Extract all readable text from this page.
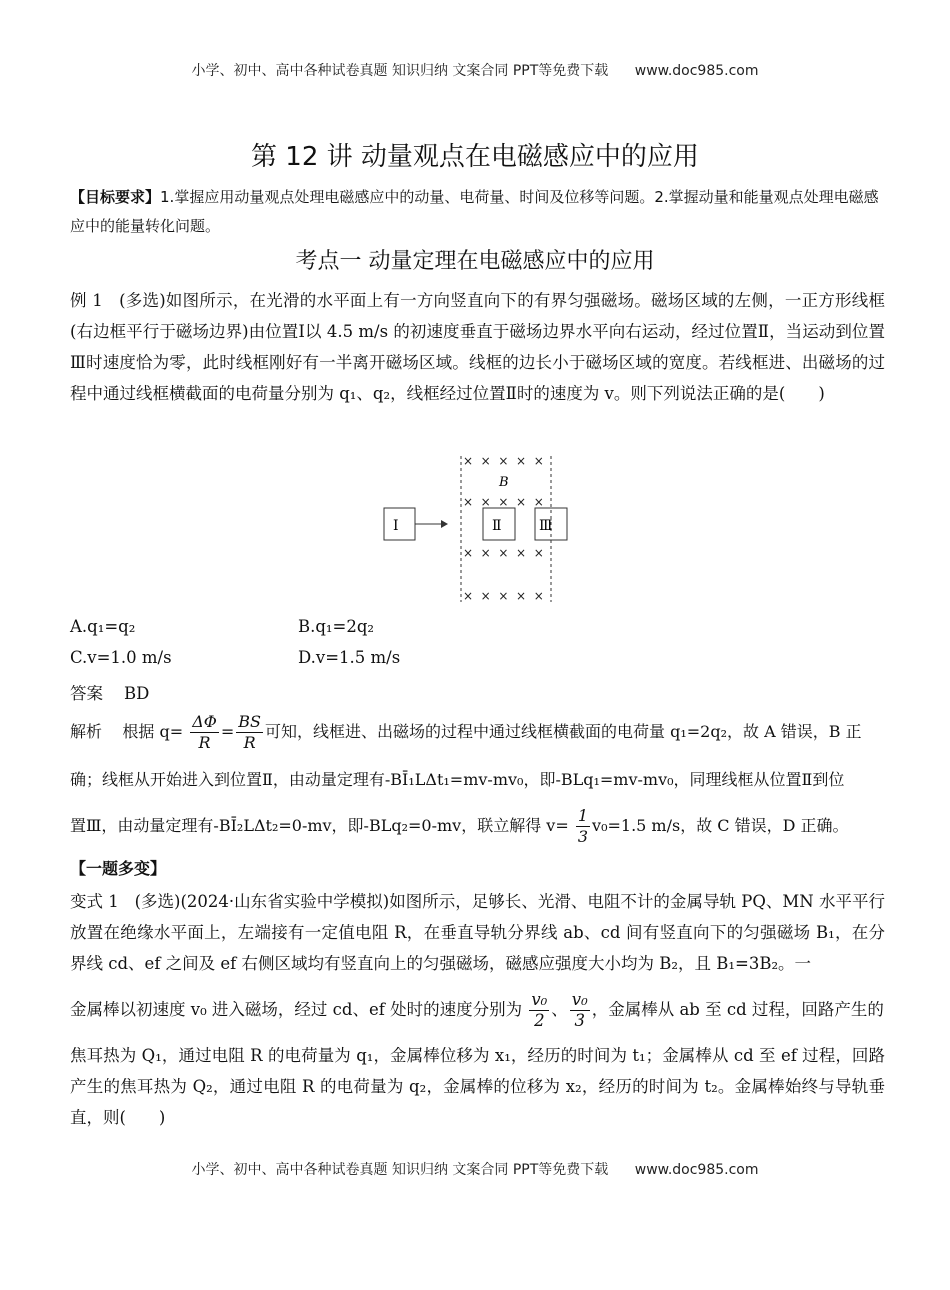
小学、初中、高中各种试卷真题 知识归纳 文案合同 PPT等免费下载 www.doc985.com
第 12 讲 动量观点在电磁感应中的应用
【目标要求】1.掌握应用动量观点处理电磁感应中的动量、电荷量、时间及位移等问题。2.掌握动量和能量观点处理电磁感应中的能量转化问题。
考点一 动量定理在电磁感应中的应用
例 1 (多选)如图所示，在光滑的水平面上有一方向竖直向下的有界匀强磁场。磁场区域的左侧，一正方形线框(右边框平行于磁场边界)由位置Ⅰ以 4.5 m/s 的初速度垂直于磁场边界水平向右运动，经过位置Ⅱ，当运动到位置Ⅲ时速度恰为零，此时线框刚好有一半离开磁场区域。线框的边长小于磁场区域的宽度。若线框进、出磁场的过程中通过线框横截面的电荷量分别为 q₁、q₂，线框经过位置Ⅱ时的速度为 v。则下列说法正确的是(　　)
×  ×  ×  ×  ×
×  ×  ×  ×  ×
×  ×  ×  ×  ×
×  ×  ×  ×  ×
B
Ⅰ	Ⅱ	Ⅲ
A.q₁=q₂	B.q₁=2q₂
C.v=1.0 m/s	D.v=1.5 m/s
答案 BD
解析 根据 $q= \frac{\Delta\Phi}{R} = \frac{BS}{R}$ 可知，线框进、出磁场的过程中通过线框横截面的电荷量 q₁=2q₂，故 A 错误，B 正
确；线框从开始进入到位置Ⅱ，由动量定理有-BĪ₁LΔt₁=mv-mv₀，即-BLq₁=mv-mv₀，同理线框从位置Ⅱ到位
置Ⅲ，由动量定理有-BĪ₂LΔt₂=0-mv，即-BLq₂=0-mv，联立解得 $v= \frac{1}{3} v_0=1.5$ m/s，故 C 错误，D 正确。
【一题多变】
变式 1 (多选)(2024·山东省实验中学模拟)如图所示，足够长、光滑、电阻不计的金属导轨 PQ、MN 水平平行放置在绝缘水平面上，左端接有一定值电阻 R，在垂直导轨分界线 ab、cd 间有竖直向下的匀强磁场 B₁，在分界线 cd、ef 之间及 ef 右侧区域均有竖直向上的匀强磁场，磁感应强度大小均为 B₂，且 B₁=3B₂。一
金属棒以初速度 v₀ 进入磁场，经过 cd、ef 处时的速度分别为 $\frac{\text{v₀}}{2}$ 、 $\frac{\text{v₀}}{3}$ ，金属棒从 ab 至 cd 过程，回路产生的
焦耳热为 Q₁，通过电阻 R 的电荷量为 q₁，金属棒位移为 x₁，经历的时间为 t₁；金属棒从 cd 至 ef 过程，回路产生的焦耳热为 Q₂，通过电阻 R 的电荷量为 q₂，金属棒的位移为 x₂，经历的时间为 t₂。金属棒始终与导轨垂直，则(　　)
小学、初中、高中各种试卷真题 知识归纳 文案合同 PPT等免费下载 www.doc985.com
